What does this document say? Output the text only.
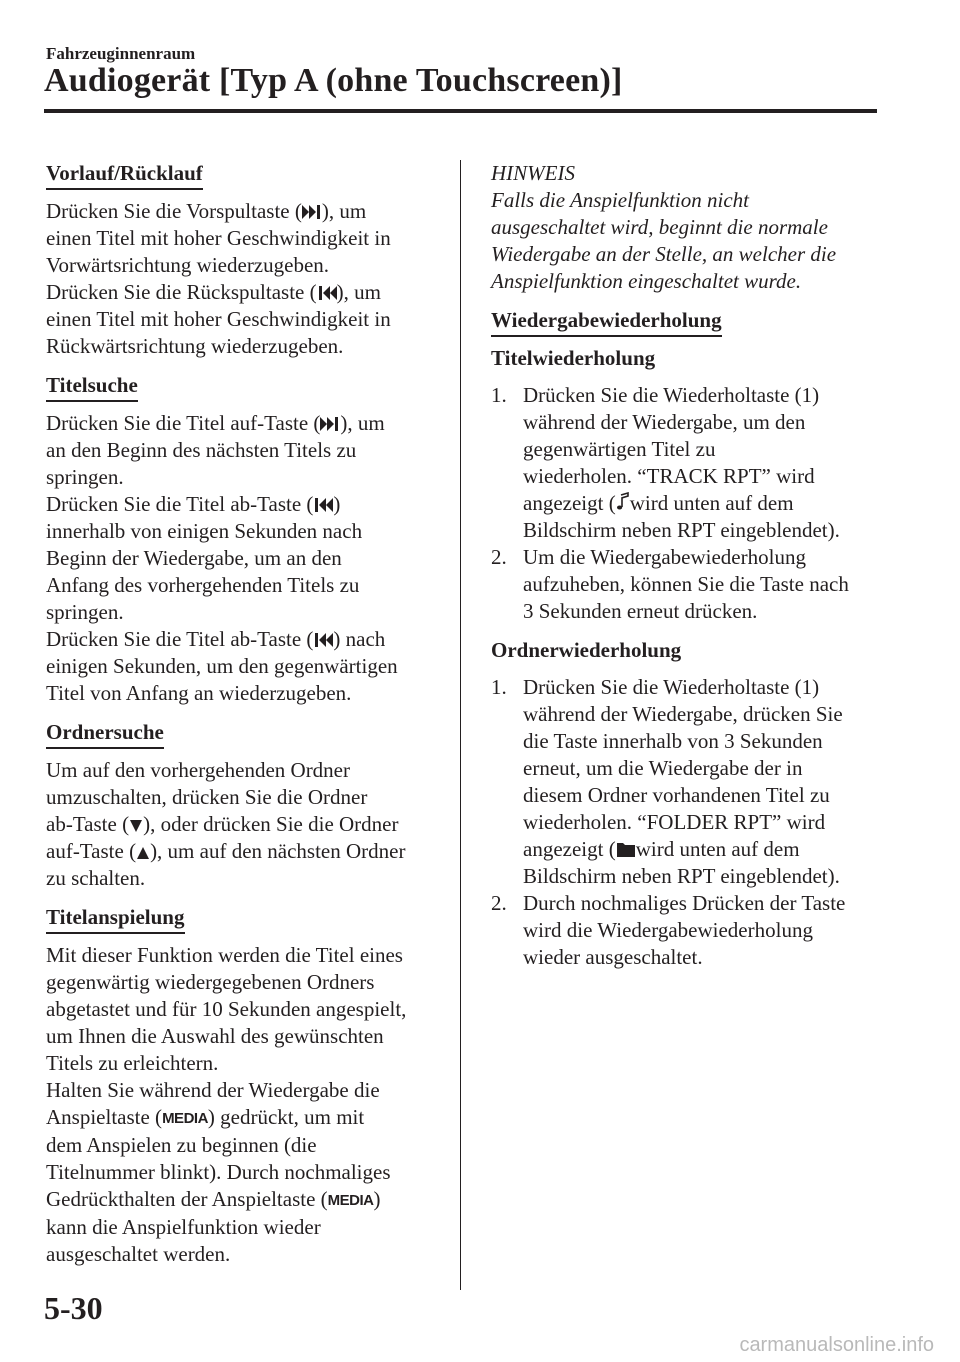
Fahrzeuginnenraum
Audiogerät [Typ A (ohne Touchscreen)]
Vorlauf/Rücklauf
Drücken Sie die Vorspultaste ( ), um
einen Titel mit hoher Geschwindigkeit in
Vorwärtsrichtung wiederzugeben.
Drücken Sie die Rückspultaste ( ), um
einen Titel mit hoher Geschwindigkeit in
Rückwärtsrichtung wiederzugeben.
Titelsuche
Drücken Sie die Titel auf-Taste ( ), um
an den Beginn des nächsten Titels zu
springen.
Drücken Sie die Titel ab-Taste ( )
innerhalb von einigen Sekunden nach
Beginn der Wiedergabe, um an den
Anfang des vorhergehenden Titels zu
springen.
Drücken Sie die Titel ab-Taste ( ) nach
einigen Sekunden, um den gegenwärtigen
Titel von Anfang an wiederzugeben.
Ordnersuche
Um auf den vorhergehenden Ordner
umzuschalten, drücken Sie die Ordner
ab-Taste ( ), oder drücken Sie die Ordner
auf-Taste ( ), um auf den nächsten Ordner
zu schalten.
Titelanspielung
Mit dieser Funktion werden die Titel eines
gegenwärtig wiedergegebenen Ordners
abgetastet und für 10 Sekunden angespielt,
um Ihnen die Auswahl des gewünschten
Titels zu erleichtern.
Halten Sie während der Wiedergabe die
Anspieltaste (MEDIA) gedrückt, um mit
dem Anspielen zu beginnen (die
Titelnummer blinkt). Durch nochmaliges
Gedrückthalten der Anspieltaste (MEDIA)
kann die Anspielfunktion wieder
ausgeschaltet werden.
HINWEIS
Falls die Anspielfunktion nicht
ausgeschaltet wird, beginnt die normale
Wiedergabe an der Stelle, an welcher die
Anspielfunktion eingeschaltet wurde.
Wiedergabewiederholung
Titelwiederholung
1. Drücken Sie die Wiederholtaste (1)
während der Wiedergabe, um den
gegenwärtigen Titel zu
wiederholen. “TRACK RPT” wird
angezeigt ( wird unten auf dem
Bildschirm neben RPT eingeblendet).
2. Um die Wiedergabewiederholung
aufzuheben, können Sie die Taste nach
3 Sekunden erneut drücken.
Ordnerwiederholung
1. Drücken Sie die Wiederholtaste (1)
während der Wiedergabe, drücken Sie
die Taste innerhalb von 3 Sekunden
erneut, um die Wiedergabe der in
diesem Ordner vorhandenen Titel zu
wiederholen. “FOLDER RPT” wird
angezeigt ( wird unten auf dem
Bildschirm neben RPT eingeblendet).
2. Durch nochmaliges Drücken der Taste
wird die Wiedergabewiederholung
wieder ausgeschaltet.
5-30
carmanualsonline.info
